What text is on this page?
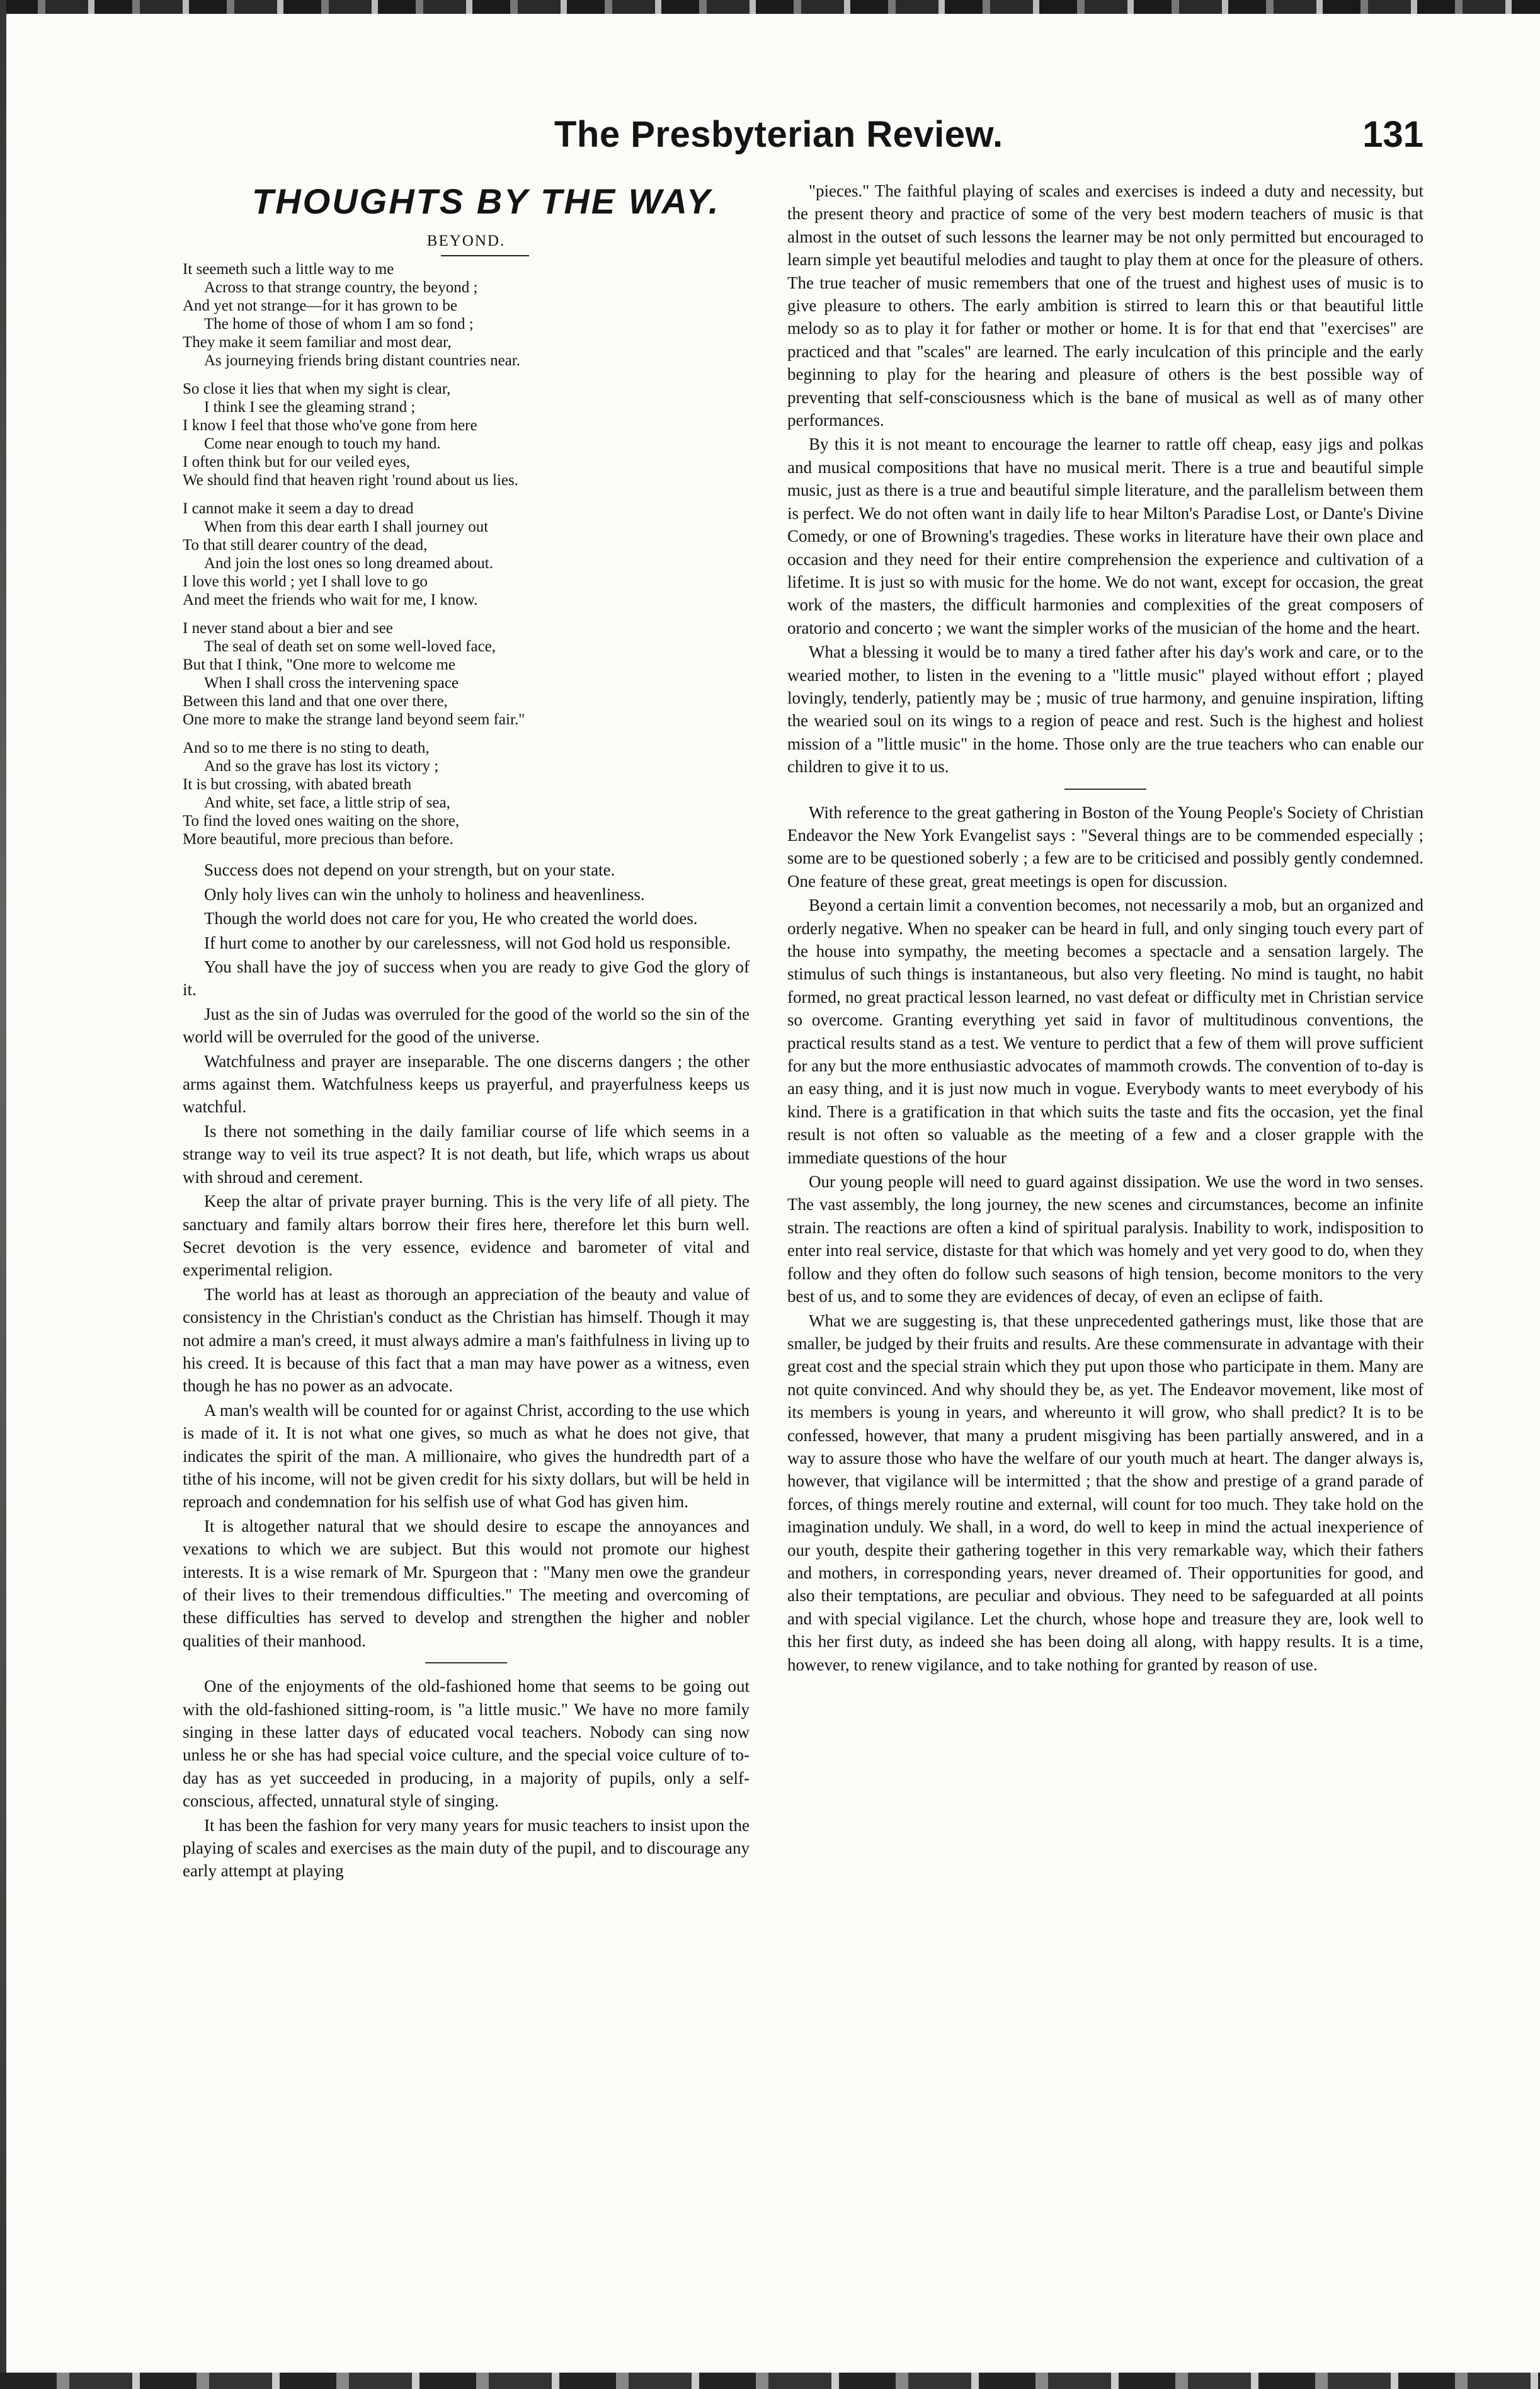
The Presbyterian Review.	131
THOUGHTS BY THE WAY.
BEYOND.
It seemeth such a little way to me
Across to that strange country, the beyond ;
And yet not strange—for it has grown to be
The home of those of whom I am so fond ;
They make it seem familiar and most dear,
As journeying friends bring distant countries near.
So close it lies that when my sight is clear,
I think I see the gleaming strand ;
I know I feel that those who've gone from here
Come near enough to touch my hand.
I often think but for our veiled eyes,
We should find that heaven right 'round about us lies.
I cannot make it seem a day to dread
When from this dear earth I shall journey out
To that still dearer country of the dead,
And join the lost ones so long dreamed about.
I love this world ; yet I shall love to go
And meet the friends who wait for me, I know.
I never stand about a bier and see
The seal of death set on some well-loved face,
But that I think, "One more to welcome me
When I shall cross the intervening space
Between this land and that one over there,
One more to make the strange land beyond seem fair."
And so to me there is no sting to death,
And so the grave has lost its victory ;
It is but crossing, with abated breath
And white, set face, a little strip of sea,
To find the loved ones waiting on the shore,
More beautiful, more precious than before.

Success does not depend on your strength, but on your state.

Only holy lives can win the unholy to holiness and heavenliness.

Though the world does not care for you, He who created the world does.

If hurt come to another by our carelessness, will not God hold us responsible.

You shall have the joy of success when you are ready to give God the glory of it.

Just as the sin of Judas was overruled for the good of the world so the sin of the world will be overruled for the good of the universe.

Watchfulness and prayer are inseparable. The one discerns dangers ; the other arms against them. Watchfulness keeps us prayerful, and prayerfulness keeps us watchful.

Is there not something in the daily familiar course of life which seems in a strange way to veil its true aspect? It is not death, but life, which wraps us about with shroud and cerement.

Keep the altar of private prayer burning. This is the very life of all piety. The sanctuary and family altars borrow their fires here, therefore let this burn well. Secret devotion is the very essence, evidence and barometer of vital and experimental religion.

The world has at least as thorough an appreciation of the beauty and value of consistency in the Christian's conduct as the Christian has himself. Though it may not admire a man's creed, it must always admire a man's faithfulness in living up to his creed. It is because of this fact that a man may have power as a witness, even though he has no power as an advocate.

A man's wealth will be counted for or against Christ, according to the use which is made of it. It is not what one gives, so much as what he does not give, that indicates the spirit of the man. A millionaire, who gives the hundredth part of a tithe of his income, will not be given credit for his sixty dollars, but will be held in reproach and condemnation for his selfish use of what God has given him.

It is altogether natural that we should desire to escape the annoyances and vexations to which we are subject. But this would not promote our highest interests. It is a wise remark of Mr. Spurgeon that : "Many men owe the grandeur of their lives to their tremendous difficulties." The meeting and overcoming of these difficulties has served to develop and strengthen the higher and nobler qualities of their manhood.

One of the enjoyments of the old-fashioned home that seems to be going out with the old-fashioned sitting-room, is "a little music." We have no more family singing in these latter days of educated vocal teachers. Nobody can sing now unless he or she has had special voice culture, and the special voice culture of to-day has as yet succeeded in producing, in a majority of pupils, only a self-conscious, affected, unnatural style of singing.

It has been the fashion for very many years for music teachers to insist upon the playing of scales and exercises as the main duty of the pupil, and to discourage any early attempt at playing

"pieces." The faithful playing of scales and exercises is indeed a duty and necessity, but the present theory and practice of some of the very best modern teachers of music is that almost in the outset of such lessons the learner may be not only permitted but encouraged to learn simple yet beautiful melodies and taught to play them at once for the pleasure of others. The true teacher of music remembers that one of the truest and highest uses of music is to give pleasure to others. The early ambition is stirred to learn this or that beautiful little melody so as to play it for father or mother or home. It is for that end that "exercises" are practiced and that "scales" are learned. The early inculcation of this principle and the early beginning to play for the hearing and pleasure of others is the best possible way of preventing that self-consciousness which is the bane of musical as well as of many other performances.

By this it is not meant to encourage the learner to rattle off cheap, easy jigs and polkas and musical compositions that have no musical merit. There is a true and beautiful simple music, just as there is a true and beautiful simple literature, and the parallelism between them is perfect. We do not often want in daily life to hear Milton's Paradise Lost, or Dante's Divine Comedy, or one of Browning's tragedies. These works in literature have their own place and occasion and they need for their entire comprehension the experience and cultivation of a lifetime. It is just so with music for the home. We do not want, except for occasion, the great work of the masters, the difficult harmonies and complexities of the great composers of oratorio and concerto ; we want the simpler works of the musician of the home and the heart.

What a blessing it would be to many a tired father after his day's work and care, or to the wearied mother, to listen in the evening to a "little music" played without effort ; played lovingly, tenderly, patiently may be ; music of true harmony, and genuine inspiration, lifting the wearied soul on its wings to a region of peace and rest. Such is the highest and holiest mission of a "little music" in the home. Those only are the true teachers who can enable our children to give it to us.

With reference to the great gathering in Boston of the Young People's Society of Christian Endeavor the New York Evangelist says : "Several things are to be commended especially ; some are to be questioned soberly ; a few are to be criticised and possibly gently condemned. One feature of these great, great meetings is open for discussion.

Beyond a certain limit a convention becomes, not necessarily a mob, but an organized and orderly negative. When no speaker can be heard in full, and only singing touch every part of the house into sympathy, the meeting becomes a spectacle and a sensation largely. The stimulus of such things is instantaneous, but also very fleeting. No mind is taught, no habit formed, no great practical lesson learned, no vast defeat or difficulty met in Christian service so overcome. Granting everything yet said in favor of multitudinous conventions, the practical results stand as a test. We venture to perdict that a few of them will prove sufficient for any but the more enthusiastic advocates of mammoth crowds. The convention of to-day is an easy thing, and it is just now much in vogue. Everybody wants to meet everybody of his kind. There is a gratification in that which suits the taste and fits the occasion, yet the final result is not often so valuable as the meeting of a few and a closer grapple with the immediate questions of the hour

Our young people will need to guard against dissipation. We use the word in two senses. The vast assembly, the long journey, the new scenes and circumstances, become an infinite strain. The reactions are often a kind of spiritual paralysis. Inability to work, indisposition to enter into real service, distaste for that which was homely and yet very good to do, when they follow and they often do follow such seasons of high tension, become monitors to the very best of us, and to some they are evidences of decay, of even an eclipse of faith.

What we are suggesting is, that these unprecedented gatherings must, like those that are smaller, be judged by their fruits and results. Are these commensurate in advantage with their great cost and the special strain which they put upon those who participate in them. Many are not quite convinced. And why should they be, as yet. The Endeavor movement, like most of its members is young in years, and whereunto it will grow, who shall predict? It is to be confessed, however, that many a prudent misgiving has been partially answered, and in a way to assure those who have the welfare of our youth much at heart. The danger always is, however, that vigilance will be intermitted ; that the show and prestige of a grand parade of forces, of things merely routine and external, will count for too much. They take hold on the imagination unduly. We shall, in a word, do well to keep in mind the actual inexperience of our youth, despite their gathering together in this very remarkable way, which their fathers and mothers, in corresponding years, never dreamed of. Their opportunities for good, and also their temptations, are peculiar and obvious. They need to be safeguarded at all points and with special vigilance. Let the church, whose hope and treasure they are, look well to this her first duty, as indeed she has been doing all along, with happy results. It is a time, however, to renew vigilance, and to take nothing for granted by reason of use.
